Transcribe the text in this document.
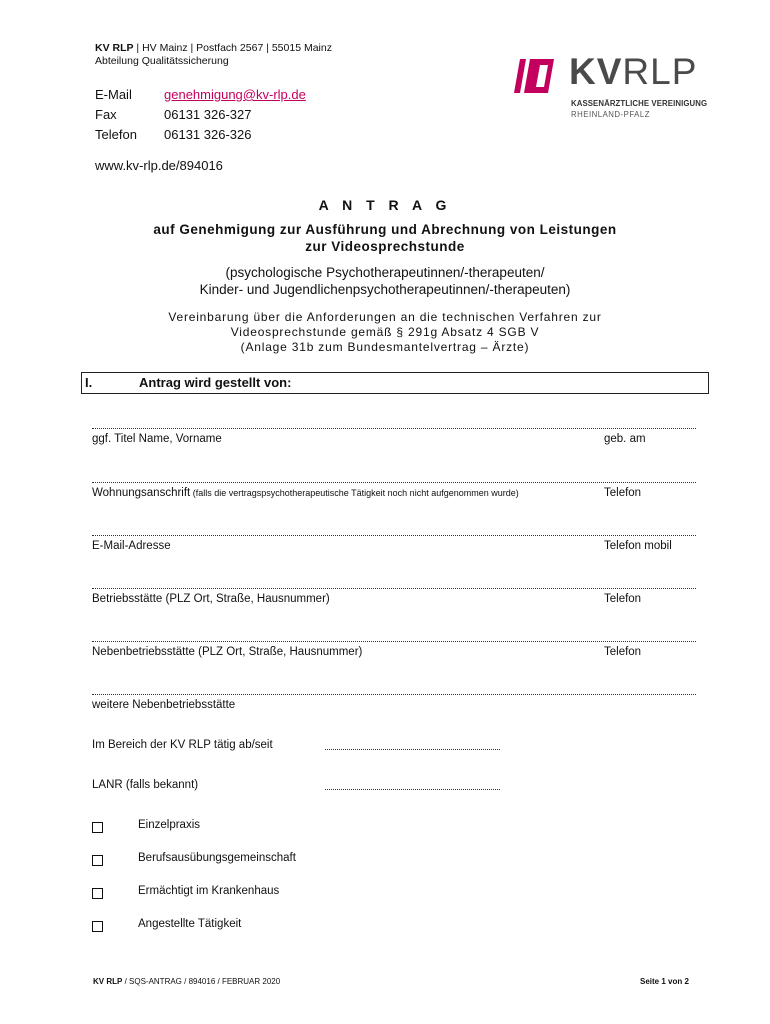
KV RLP | HV Mainz | Postfach 2567 | 55015 Mainz
Abteilung Qualitätssicherung
E-Mail	genehmigung@kv-rlp.de
Fax	06131 326-327
Telefon	06131 326-326
www.kv-rlp.de/894016
KVRLP
KASSENÄRZTLICHE VEREINIGUNG
RHEINLAND-PFALZ
A N T R A G
auf Genehmigung zur Ausführung und Abrechnung von Leistungen
zur Videosprechstunde
(psychologische Psychotherapeutinnen/-therapeuten/
Kinder- und Jugendlichenpsychotherapeutinnen/-therapeuten)
Vereinbarung über die Anforderungen an die technischen Verfahren zur
Videosprechstunde gemäß § 291g Absatz 4 SGB V
(Anlage 31b zum Bundesmantelvertrag – Ärzte)
I.	Antrag wird gestellt von:
ggf. Titel Name, Vorname	geb. am
Wohnungsanschrift (falls die vertragspsychotherapeutische Tätigkeit noch nicht aufgenommen wurde)	Telefon
E-Mail-Adresse	Telefon mobil
Betriebsstätte (PLZ Ort, Straße, Hausnummer)	Telefon
Nebenbetriebsstätte (PLZ Ort, Straße, Hausnummer)	Telefon
weitere Nebenbetriebsstätte
Im Bereich der KV RLP tätig ab/seit
LANR (falls bekannt)
Einzelpraxis
Berufsausübungsgemeinschaft
Ermächtigt im Krankenhaus
Angestellte Tätigkeit
KV RLP / SQS-ANTRAG / 894016 / FEBRUAR 2020	Seite 1 von 2
